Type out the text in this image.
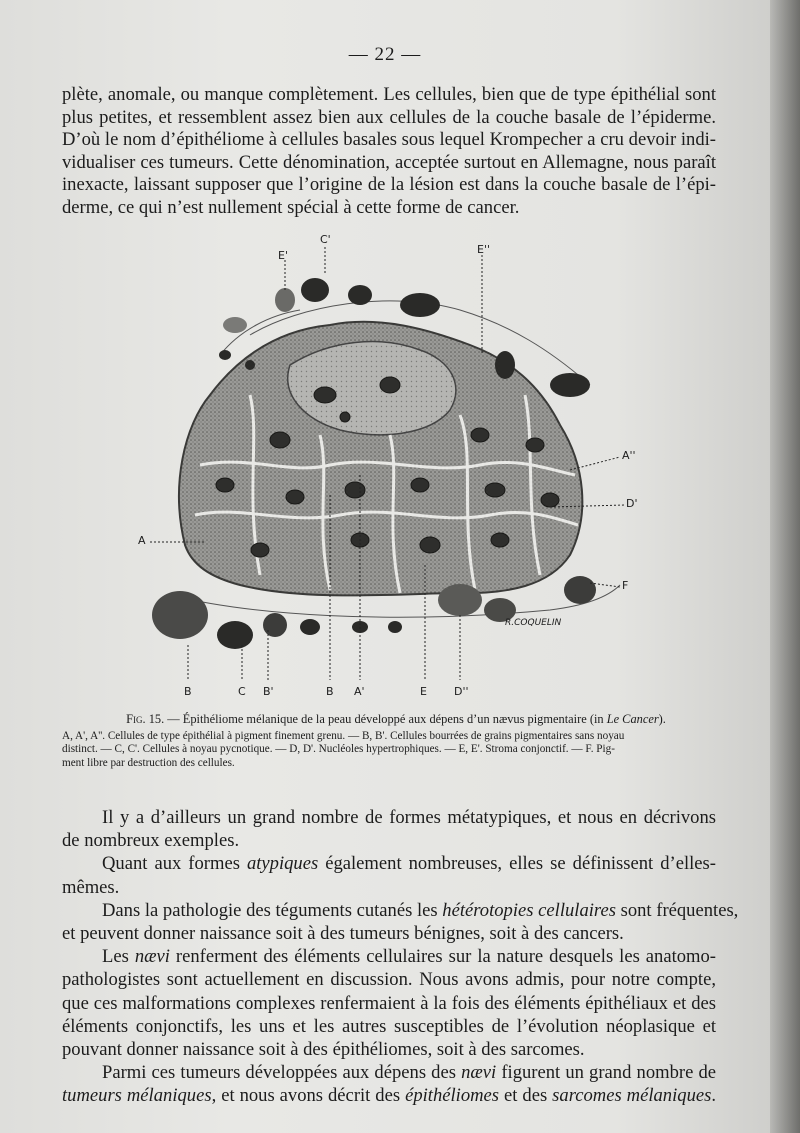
— 22 —

plète, anomale, ou manque complètement. Les cellules, bien que de type épithélial sont
plus petites, et ressemblent assez bien aux cellules de la couche basale de l’épiderme.
D’où le nom d’épithéliome à cellules basales sous lequel Krompecher a cru devoir indi-
vidualiser ces tumeurs. Cette dénomination, acceptée surtout en Allemagne, nous paraît
inexacte, laissant supposer que l’origine de la lésion est dans la couche basale de l’épi-
derme, ce qui n’est nullement spécial à cette forme de cancer.

C'
E'	E''
A''
D'
A
F
R.COQUELIN
B	C B'	B A'	E D''
Fig. 15. — Épithéliome mélanique de la peau développé aux dépens d’un nævus pigmentaire (in Le Cancer).
A, A', A''. Cellules de type épithélial à pigment finement grenu. — B, B'. Cellules bourrées de grains pigmentaires sans noyau
distinct. — C, C'. Cellules à noyau pycnotique. — D, D'. Nucléoles hypertrophiques. — E, E'. Stroma conjonctif. — F. Pig-
ment libre par destruction des cellules.
Il y a d’ailleurs un grand nombre de formes métatypiques, et nous en décrivons
de nombreux exemples.
Quant aux formes atypiques également nombreuses, elles se définissent d’elles-
mêmes.
Dans la pathologie des téguments cutanés les hétérotopies cellulaires sont fréquentes,
et peuvent donner naissance soit à des tumeurs bénignes, soit à des cancers.
Les nævi renferment des éléments cellulaires sur la nature desquels les anatomo-
pathologistes sont actuellement en discussion. Nous avons admis, pour notre compte,
que ces malformations complexes renfermaient à la fois des éléments épithéliaux et des
éléments conjonctifs, les uns et les autres susceptibles de l’évolution néoplasique et
pouvant donner naissance soit à des épithéliomes, soit à des sarcomes.
Parmi ces tumeurs développées aux dépens des nævi figurent un grand nombre de
tumeurs mélaniques, et nous avons décrit des épithéliomes et des sarcomes mélaniques.
